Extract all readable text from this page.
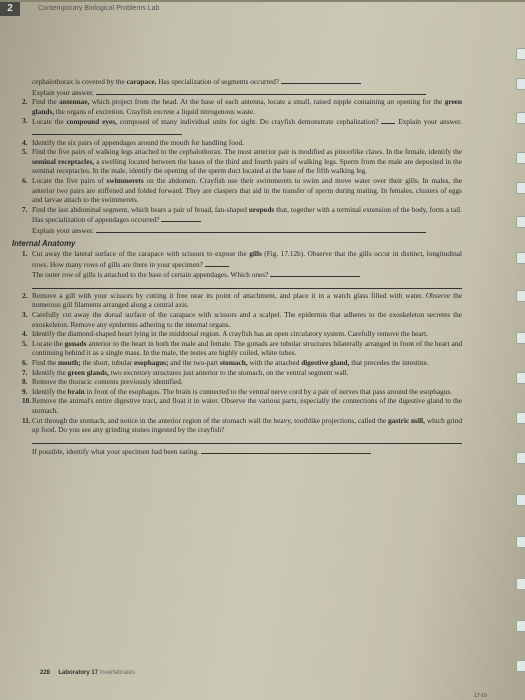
2	Contemporary Biological Problems Lab
cephalothorax is covered by the carapace. Has specialization of segments occurred?
Explain your answer.
2. Find the antennae, which project from the head. At the base of each antenna, locate a small, raised nipple containing an opening for the green glands, the organs of excretion. Crayfish excrete a liquid nitrogenous waste.
3. Locate the compound eyes, composed of many individual units for sight. Do crayfish demonstrate cephalization?	Explain your answer.
4. Identify the six pairs of appendages around the mouth for handling food.
5. Find the five pairs of walking legs attached to the cephalothorax. The most anterior pair is modified as pincerlike claws. In the female, identify the seminal receptacles, a swelling located between the bases of the third and fourth pairs of walking legs. Sperm from the male are deposited in the seminal receptacles. In the male, identify the opening of the sperm duct located at the base of the fifth walking leg.
6. Locate the five pairs of swimmerets on the abdomen. Crayfish use their swimmerets to swim and move water over their gills. In males, the anterior two pairs are stiffened and folded forward. They are claspers that aid in the transfer of sperm during mating. In females, clusters of eggs and larvae attach to the swimmerets.
7. Find the last abdominal segment, which bears a pair of broad, fan-shaped uropods that, together with a terminal extension of the body, form a tail. Has specialization of appendages occurred?
Explain your answer.
Internal Anatomy
1. Cut away the lateral surface of the carapace with scissors to expose the gills (Fig. 17.12b). Observe that the gills occur in distinct, longitudinal rows. How many rows of gills are there in your specimen?
The outer row of gills is attached to the base of certain appendages. Which ones?
2. Remove a gill with your scissors by cutting it free near its point of attachment, and place it in a watch glass filled with water. Observe the numerous gill filaments arranged along a central axis.
3. Carefully cut away the dorsal surface of the carapace with scissors and a scalpel. The epidermis that adheres to the exoskeleton secretes the exoskeleton. Remove any epidermis adhering to the internal organs.
4. Identify the diamond-shaped heart lying in the middorsal region. A crayfish has an open circulatory system. Carefully remove the heart.
5. Locate the gonads anterior to the heart in both the male and female. The gonads are tubular structures bilaterally arranged in front of the heart and continuing behind it as a single mass. In the male, the testes are highly coiled, white tubes.
6. Find the mouth; the short, tubular esophagus; and the two-part stomach, with the attached digestive gland, that precedes the intestine.
7. Identify the green glands, two excretory structures just anterior to the stomach, on the ventral segment wall.
8. Remove the thoracic contents previously identified.
9. Identify the brain in front of the esophagus. The brain is connected to the ventral nerve cord by a pair of nerves that pass around the esophagus.
10. Remove the animal's entire digestive tract, and float it in water. Observe the various parts, especially the connections of the digestive gland to the stomach.
11. Cut through the stomach, and notice in the anterior region of the stomach wall the heavy, toothlike projections, called the gastric mill, which grind up food. Do you see any grinding stones ingested by the crayfish?
If possible, identify what your specimen had been eating.
228 Laboratory 17 Invertebrates
17-16
